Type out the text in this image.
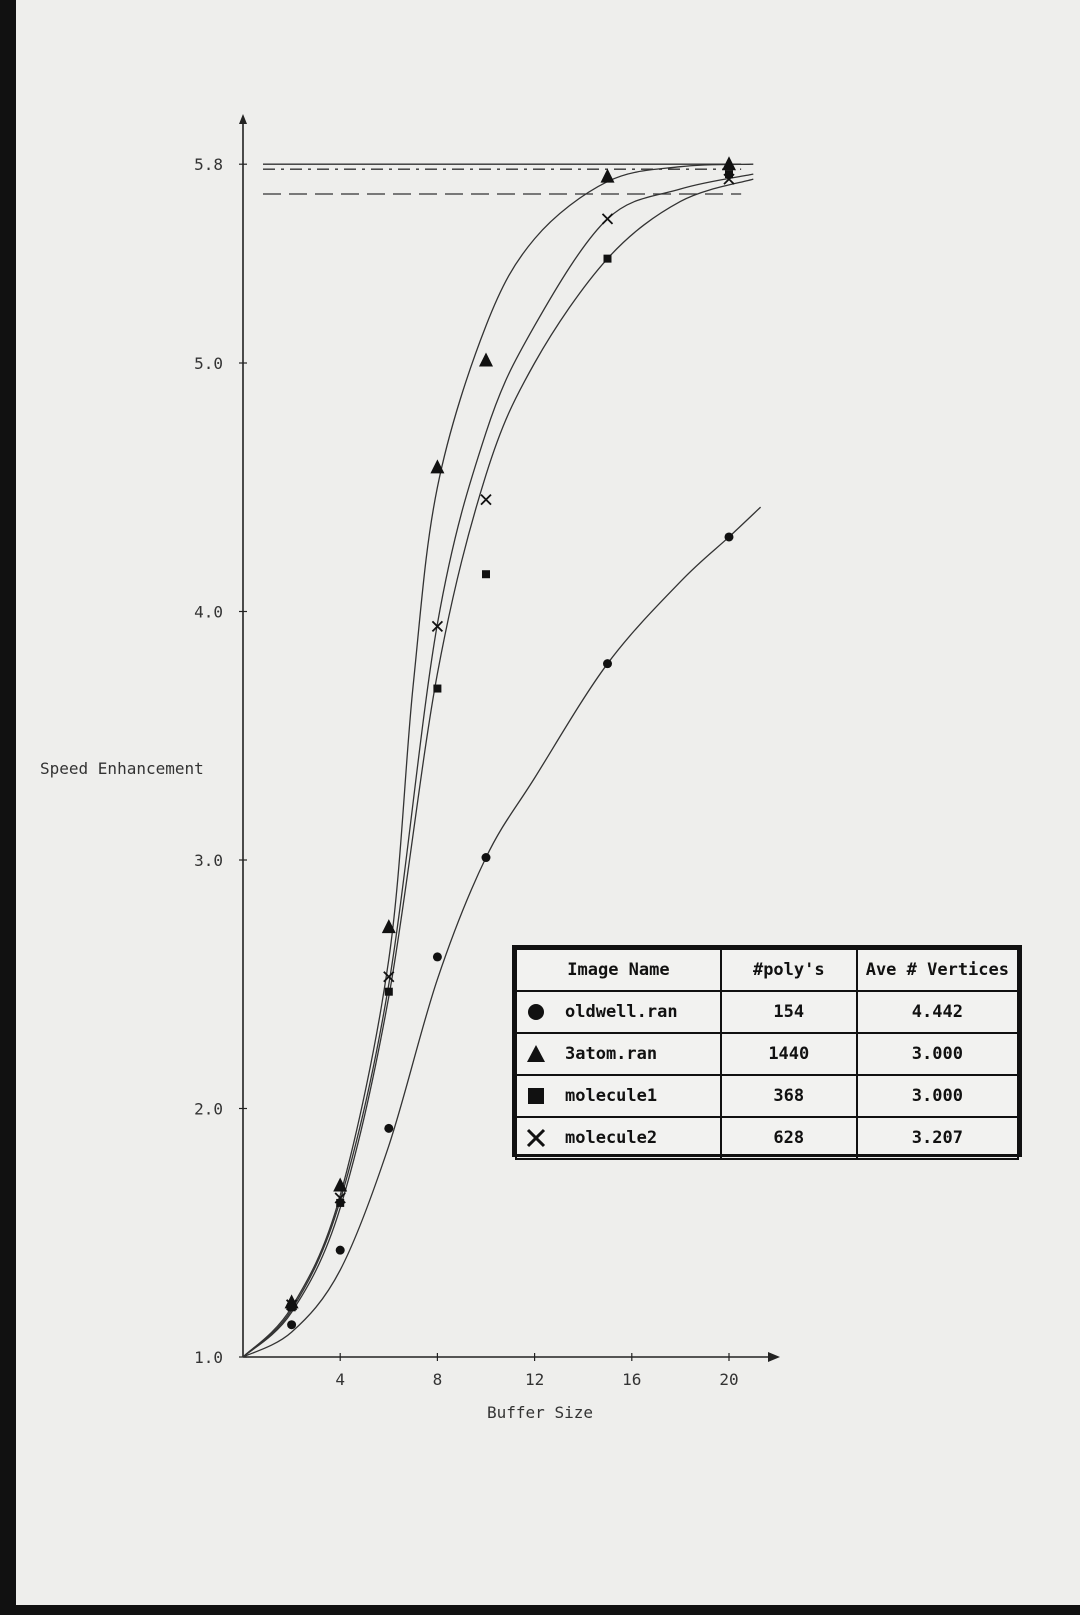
1.0
2.0
3.0
4.0
5.0
5.8
4	8	12	16	20
Speed Enhancement
Buffer Size
Image Name	#poly's	Ave # Vertices
oldwell.ran	154	4.442
3atom.ran	1440	3.000
molecule1	368	3.000
molecule2	628	3.207
